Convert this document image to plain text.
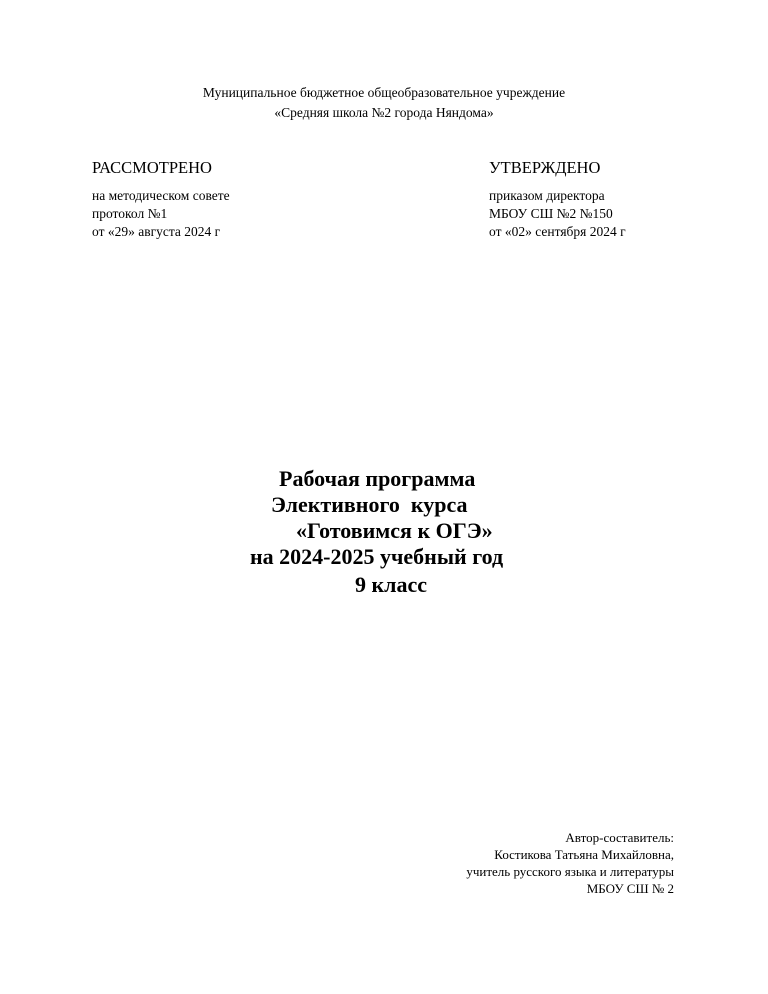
Муниципальное бюджетное общеобразовательное учреждение
«Средняя школа №2 города Няндома»
РАССМОТРЕНО
на методическом совете
протокол №1
от «29» августа 2024 г
УТВЕРЖДЕНО
приказом директора
МБОУ СШ №2 №150
от «02» сентября 2024 г
Рабочая программа
Элективного  курса
«Готовимся к ОГЭ»
на 2024-2025 учебный год
9 класс
Автор-составитель:
Костикова Татьяна Михайловна,
учитель русского языка и литературы
МБОУ СШ № 2
